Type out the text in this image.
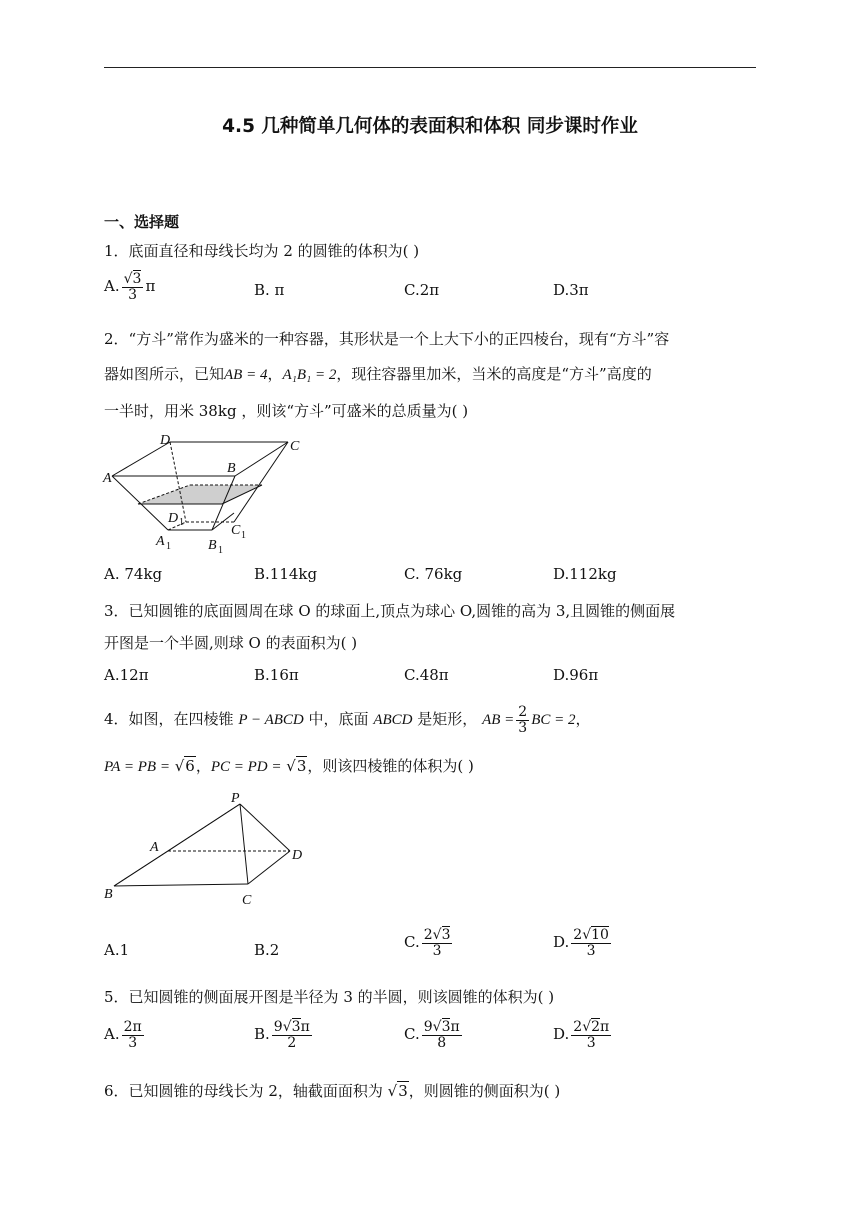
4.5 几种简单几何体的表面积和体积 同步课时作业
一、选择题
1．底面直径和母线长均为 2 的圆锥的体积为( )
A. $\frac{√3}{3}$ π	B. π	C.2π	D.3π
2．“方斗”常作为盛米的一种容器，其形状是一个上大下小的正四棱台，现有“方斗”容
器如图所示，已知AB = 4，A₁B₁ = 2，现往容器里加米，当米的高度是“方斗”高度的
一半时，用米 38kg ，则该“方斗”可盛米的总质量为( )
D	C
A
B
D 1
C 1
A 1	B 1
A. 74kg	B.114kg	C. 76kg	D.112kg
3．已知圆锥的底面圆周在球 O 的球面上,顶点为球心 O,圆锥的高为 3,且圆锥的侧面展
开图是一个半圆,则球 O 的表面积为( )
A.12π	B.16π	C.48π	D.96π
4．如图，在四棱锥 P − ABCD 中，底面 ABCD 是矩形， AB = $\frac{2}{3}$ BC = 2，
PA = PB = √6，PC = PD = √3，则该四棱锥的体积为( )
P
A
D
B	C
A.1	B.2	C. $\frac{2√3}{3}$	D. $\frac{2√10}{3}$
5．已知圆锥的侧面展开图是半径为 3 的半圆，则该圆锥的体积为( )
A. $\frac{2\pi}{3}$	B. $\frac{9√3\pi}{2}$	C. $\frac{9√3\pi}{8}$	D. $\frac{2√2\pi}{3}$
6．已知圆锥的母线长为 2，轴截面面积为 √3，则圆锥的侧面积为( )
